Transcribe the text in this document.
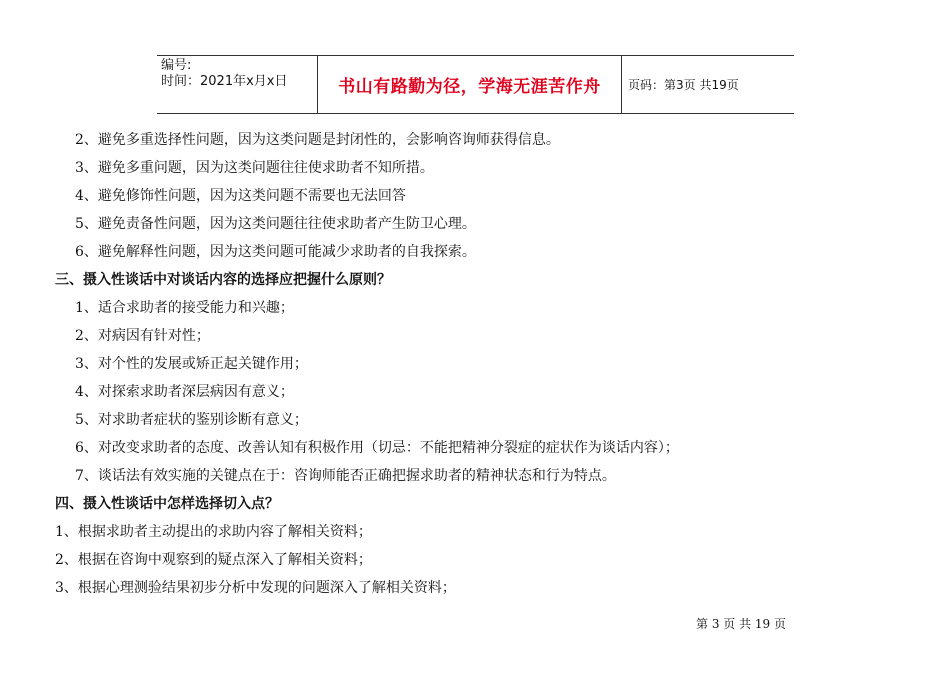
编号:
时间：2021年x月x日	书山有路勤为径，学海无涯苦作舟	页码：第3页 共19页
2、避免多重选择性问题，因为这类问题是封闭性的，会影响咨询师获得信息。
3、避免多重问题，因为这类问题往往使求助者不知所措。
4、避免修饰性问题，因为这类问题不需要也无法回答
5、避免责备性问题，因为这类问题往往使求助者产生防卫心理。
6、避免解释性问题，因为这类问题可能减少求助者的自我探索。
三、摄入性谈话中对谈话内容的选择应把握什么原则？
1、适合求助者的接受能力和兴趣；
2、对病因有针对性；
3、对个性的发展或矫正起关键作用；
4、对探索求助者深层病因有意义；
5、对求助者症状的鉴别诊断有意义；
6、对改变求助者的态度、改善认知有积极作用（切忌：不能把精神分裂症的症状作为谈话内容）；
7、谈话法有效实施的关键点在于：咨询师能否正确把握求助者的精神状态和行为特点。
四、摄入性谈话中怎样选择切入点？
1、根据求助者主动提出的求助内容了解相关资料；
2、根据在咨询中观察到的疑点深入了解相关资料；
3、根据心理测验结果初步分析中发现的问题深入了解相关资料；
第 3 页 共 19 页
